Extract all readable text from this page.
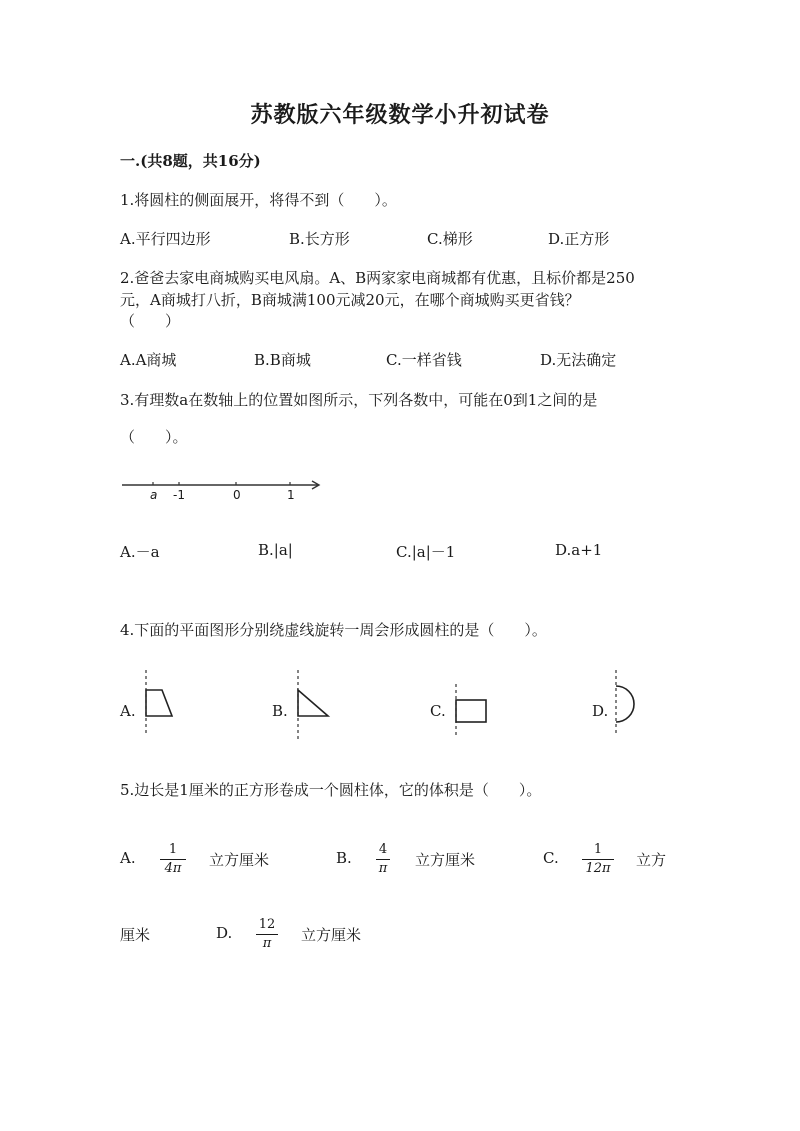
苏教版六年级数学小升初试卷
一.(共8题，共16分)
1.将圆柱的侧面展开，将得不到（　　）。
A.平行四边形	B.长方形	C.梯形	D.正方形
2.爸爸去家电商城购买电风扇。A、B两家家电商城都有优惠，且标价都是250
元，A商城打八折，B商城满100元减20元，在哪个商城购买更省钱？
（　　）
A.A商城	B.B商城	C.一样省钱	D.无法确定
3.有理数a在数轴上的位置如图所示，下列各数中，可能在0到1之间的是
（　　）。
a -1	0	1
A.－a	B.|a|	C.|a|－1	D.a+1
4.下面的平面图形分别绕虚线旋转一周会形成圆柱的是（　　）。
A.	B.	C.	D.
5.边长是1厘米的正方形卷成一个圆柱体，它的体积是（　　）。
A.	1
4π	立方厘米	B. 4
π 立方厘米	C.	1
12π 立方
厘米	D. 12
π	立方厘米
